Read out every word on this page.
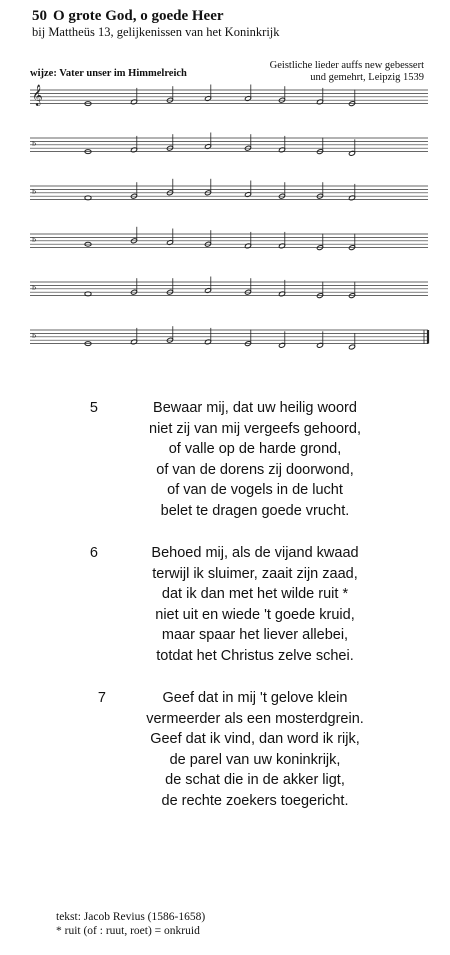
50 O grote God, o goede Heer
bij Mattheüs 13, gelijkenissen van het Koninkrijk
Geistliche lieder auffs new gebessert
und gemehrt, Leipzig 1539
wijze: Vater unser im Himmelreich
𝄞
ᵇ
ᵇ
ᵇ
ᵇ
ᵇ
5	Bewaar mij, dat uw heilig woord
niet zij van mij vergeefs gehoord,
of valle op de harde grond,
of van de dorens zij doorwond,
of van de vogels in de lucht
belet te dragen goede vrucht.
6	Behoed mij, als de vijand kwaad
terwijl ik sluimer, zaait zijn zaad,
dat ik dan met het wilde ruit *
niet uit en wiede 't goede kruid,
maar spaar het liever allebei,
totdat het Christus zelve schei.
7	Geef dat in mij 't gelove klein
vermeerder als een mosterdgrein.
Geef dat ik vind, dan word ik rijk,
de parel van uw koninkrijk,
de schat die in de akker ligt,
de rechte zoekers toegericht.
tekst: Jacob Revius (1586-1658)
* ruit (of : ruut, roet) = onkruid
